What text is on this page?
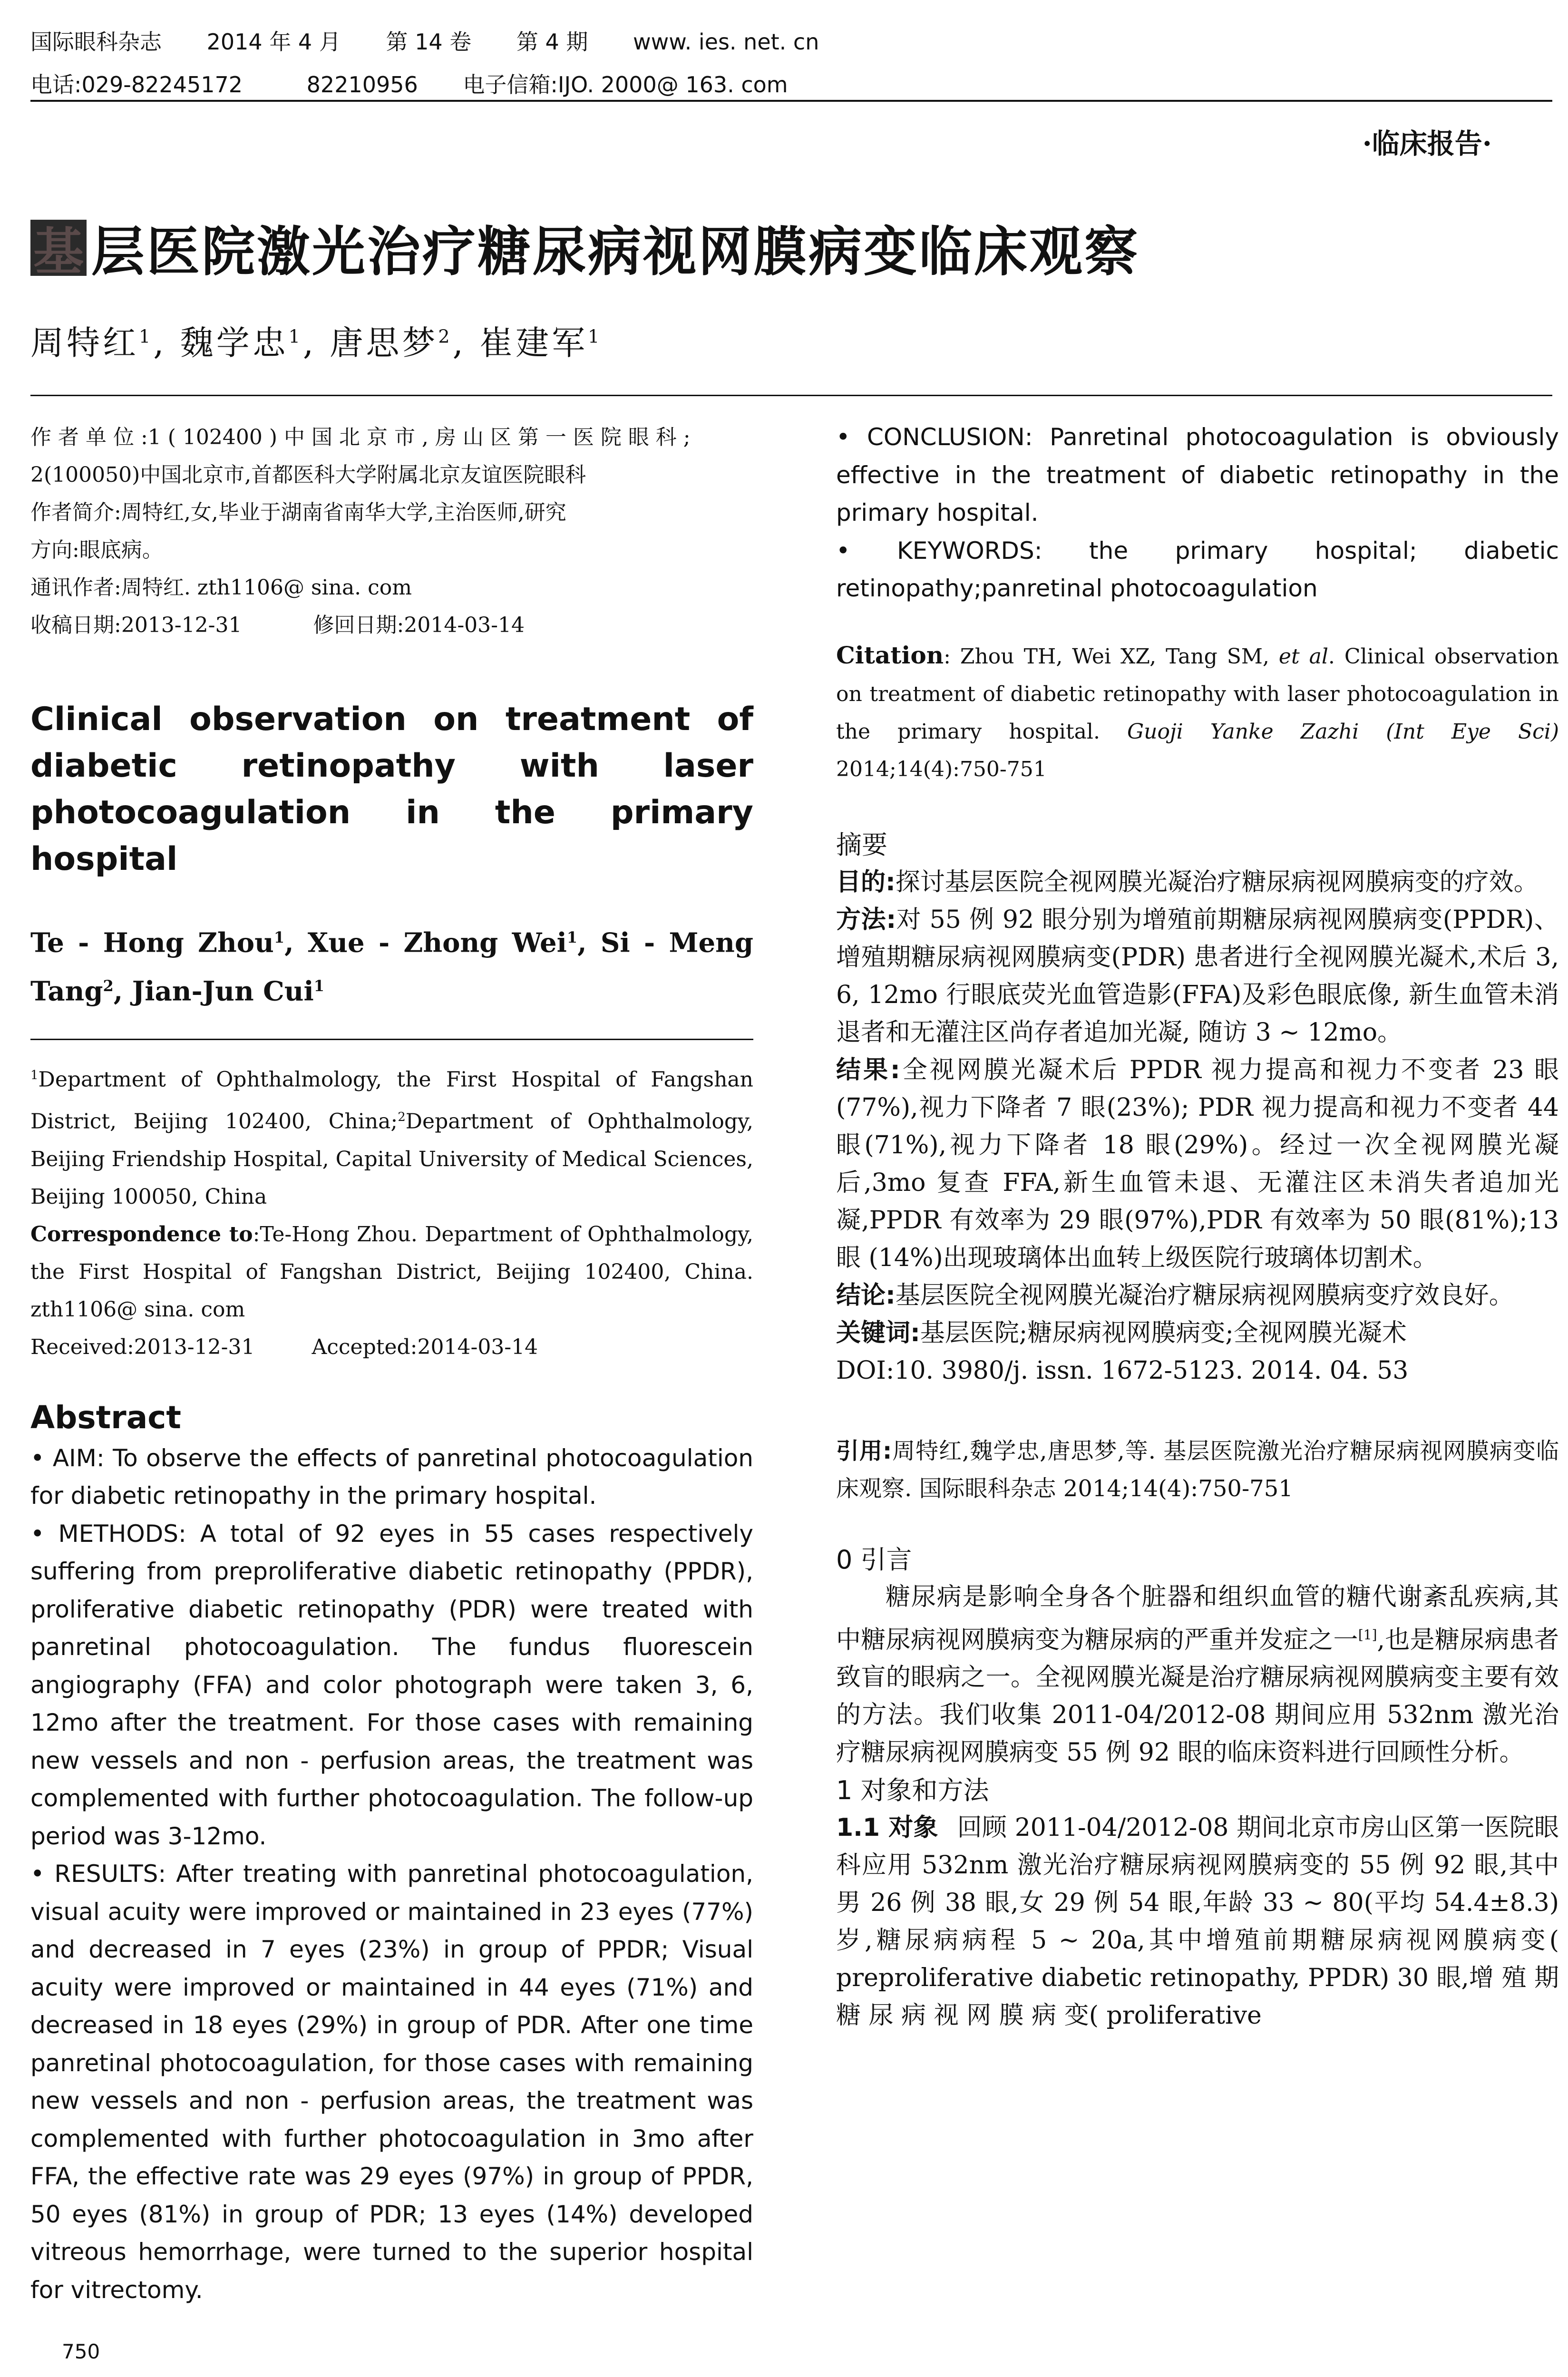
国际眼科杂志 2014 年 4 月 第 14 卷 第 4 期 www. ies. net. cn
电话:029-82245172	82210956 电子信箱:IJO. 2000@ 163. com
·临床报告·
基 层医院激光治疗糖尿病视网膜病变临床观察
周特红$^1$, 魏学忠$^1$, 唐思梦$^2$, 崔建军$^1$

作 者 单 位 :1 ( 102400 ) 中 国 北 京 市 , 房 山 区 第 一 医 院 眼 科 ;

2(100050)中国北京市,首都医科大学附属北京友谊医院眼科

作者简介:周特红,女,毕业于湖南省南华大学,主治医师,研究

方向:眼底病。

通讯作者:周特红. zth1106@ sina. com

收稿日期:2013-12-31	修回日期:2014-03-14

Clinical observation on treatment of diabetic retinopathy with laser photocoagulation in the primary hospital
Te - Hong Zhou$^1$, Xue - Zhong Wei$^1$, Si - Meng Tang$^2$, Jian-Jun Cui$^1$

$^1$Department of Ophthalmology, the First Hospital of Fangshan District, Beijing 102400, China;$^2$Department of Ophthalmology, Beijing Friendship Hospital, Capital University of Medical Sciences, Beijing 100050, China

Correspondence to:Te-Hong Zhou. Department of Ophthalmology, the First Hospital of Fangshan District, Beijing 102400, China. zth1106@ sina. com

Received:2013-12-31	Accepted:2014-03-14

Abstract

• AIM: To observe the effects of panretinal photocoagulation for diabetic retinopathy in the primary hospital.

• METHODS: A total of 92 eyes in 55 cases respectively suffering from preproliferative diabetic retinopathy (PPDR), proliferative diabetic retinopathy (PDR) were treated with panretinal photocoagulation. The fundus fluorescein angiography (FFA) and color photograph were taken 3, 6, 12mo after the treatment. For those cases with remaining new vessels and non - perfusion areas, the treatment was complemented with further photocoagulation. The follow-up period was 3-12mo.

• RESULTS: After treating with panretinal photocoagulation, visual acuity were improved or maintained in 23 eyes (77%) and decreased in 7 eyes (23%) in group of PPDR; Visual acuity were improved or maintained in 44 eyes (71%) and decreased in 18 eyes (29%) in group of PDR. After one time panretinal photocoagulation, for those cases with remaining new vessels and non - perfusion areas, the treatment was complemented with further photocoagulation in 3mo after FFA, the effective rate was 29 eyes (97%) in group of PPDR, 50 eyes (81%) in group of PDR; 13 eyes (14%) developed vitreous hemorrhage, were turned to the superior hospital for vitrectomy.

• CONCLUSION: Panretinal photocoagulation is obviously effective in the treatment of diabetic retinopathy in the primary hospital.

• KEYWORDS: the primary hospital; diabetic retinopathy;panretinal photocoagulation

Citation: Zhou TH, Wei XZ, Tang SM, et al. Clinical observation on treatment of diabetic retinopathy with laser photocoagulation in the primary hospital. Guoji Yanke Zazhi (Int Eye Sci) 2014;14(4):750-751

摘要

目的:探讨基层医院全视网膜光凝治疗糖尿病视网膜病变的疗效。

方法:对 55 例 92 眼分别为增殖前期糖尿病视网膜病变(PPDR)、增殖期糖尿病视网膜病变(PDR) 患者进行全视网膜光凝术,术后 3, 6, 12mo 行眼底荧光血管造影(FFA)及彩色眼底像, 新生血管未消退者和无灌注区尚存者追加光凝, 随访 3 ~ 12mo。

结果:全视网膜光凝术后 PPDR 视力提高和视力不变者 23 眼(77%),视力下降者 7 眼(23%); PDR 视力提高和视力不变者 44 眼(71%),视力下降者 18 眼(29%)。经过一次全视网膜光凝后,3mo 复查 FFA,新生血管未退、无灌注区未消失者追加光凝,PPDR 有效率为 29 眼(97%),PDR 有效率为 50 眼(81%);13 眼 (14%)出现玻璃体出血转上级医院行玻璃体切割术。

结论:基层医院全视网膜光凝治疗糖尿病视网膜病变疗效良好。

关键词:基层医院;糖尿病视网膜病变;全视网膜光凝术

DOI:10. 3980/j. issn. 1672-5123. 2014. 04. 53

引用:周特红,魏学忠,唐思梦,等. 基层医院激光治疗糖尿病视网膜病变临床观察. 国际眼科杂志 2014;14(4):750-751

0 引言

糖尿病是影响全身各个脏器和组织血管的糖代谢紊乱疾病,其中糖尿病视网膜病变为糖尿病的严重并发症之一[1],也是糖尿病患者致盲的眼病之一。全视网膜光凝是治疗糖尿病视网膜病变主要有效的方法。我们收集 2011-04/2012-08 期间应用 532nm 激光治疗糖尿病视网膜病变 55 例 92 眼的临床资料进行回顾性分析。

1 对象和方法

1.1 对象 回顾 2011-04/2012-08 期间北京市房山区第一医院眼科应用 532nm 激光治疗糖尿病视网膜病变的 55 例 92 眼,其中男 26 例 38 眼,女 29 例 54 眼,年龄 33 ~ 80(平均 54.4±8.3)岁,糖尿病病程 5 ~ 20a,其中增殖前期糖尿病视网膜病变( preproliferative diabetic retinopathy, PPDR) 30 眼,增 殖 期 糖 尿 病 视 网 膜 病 变( proliferative

750
